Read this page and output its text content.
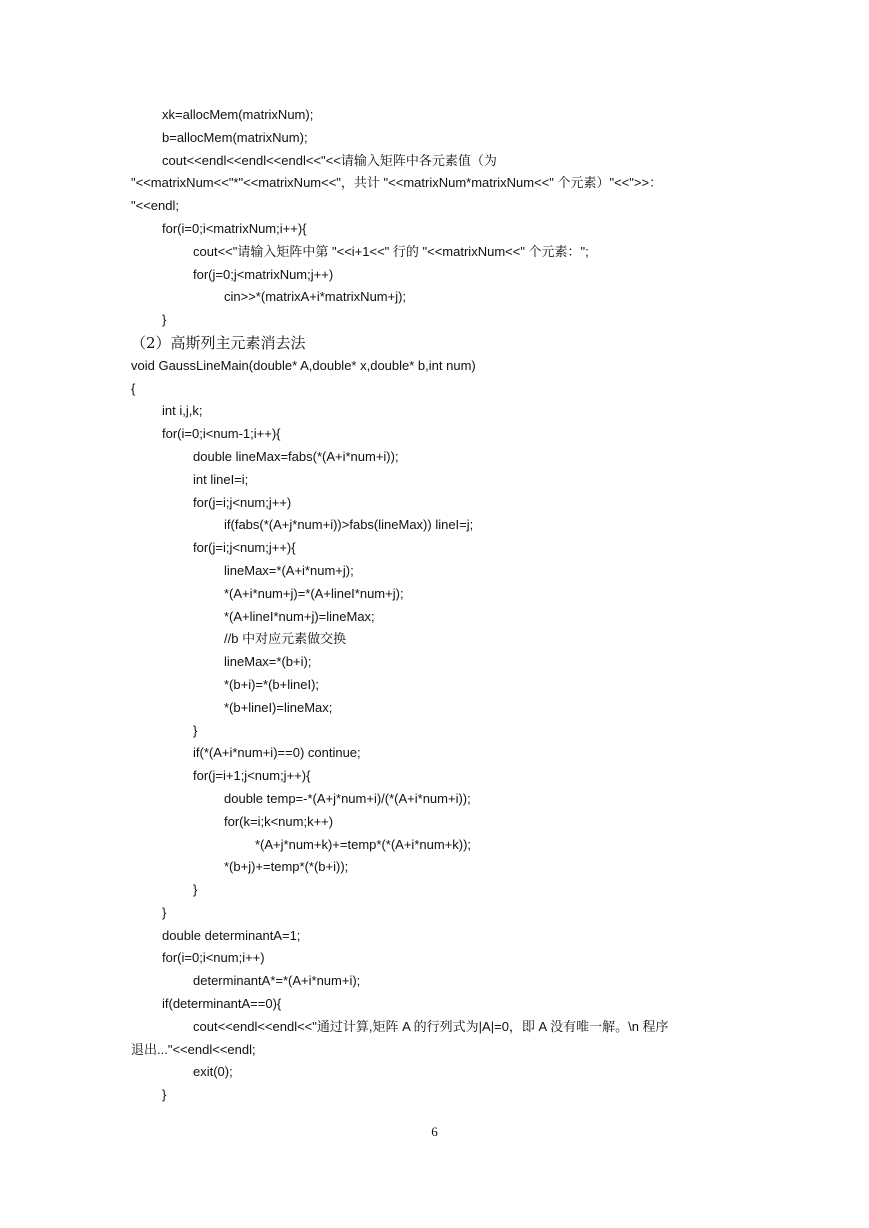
xk=allocMem(matrixNum);
b=allocMem(matrixNum);
cout<<endl<<endl<<endl<<"<<请输入矩阵中各元素值（为
"<<matrixNum<<"*"<<matrixNum<<"，共计 "<<matrixNum*matrixNum<<" 个元素）"<<">>：
"<<endl;
for(i=0;i<matrixNum;i++){
cout<<"请输入矩阵中第 "<<i+1<<" 行的 "<<matrixNum<<" 个元素：";
for(j=0;j<matrixNum;j++)
cin>>*(matrixA+i*matrixNum+j);
}
（2）高斯列主元素消去法
void GaussLineMain(double* A,double* x,double* b,int num)
{
int i,j,k;
for(i=0;i<num-1;i++){
double lineMax=fabs(*(A+i*num+i));
int lineI=i;
for(j=i;j<num;j++)
if(fabs(*(A+j*num+i))>fabs(lineMax)) lineI=j;
for(j=i;j<num;j++){
lineMax=*(A+i*num+j);
*(A+i*num+j)=*(A+lineI*num+j);
*(A+lineI*num+j)=lineMax;
//b 中对应元素做交换
lineMax=*(b+i);
*(b+i)=*(b+lineI);
*(b+lineI)=lineMax;
}
if(*(A+i*num+i)==0) continue;
for(j=i+1;j<num;j++){
double temp=-*(A+j*num+i)/(*(A+i*num+i));
for(k=i;k<num;k++)
*(A+j*num+k)+=temp*(*(A+i*num+k));
*(b+j)+=temp*(*(b+i));
}
}
double determinantA=1;
for(i=0;i<num;i++)
determinantA*=*(A+i*num+i);
if(determinantA==0){
cout<<endl<<endl<<"通过计算,矩阵 A 的行列式为|A|=0，即 A 没有唯一解。\n 程序
退出..."<<endl<<endl;
exit(0);
}
6
